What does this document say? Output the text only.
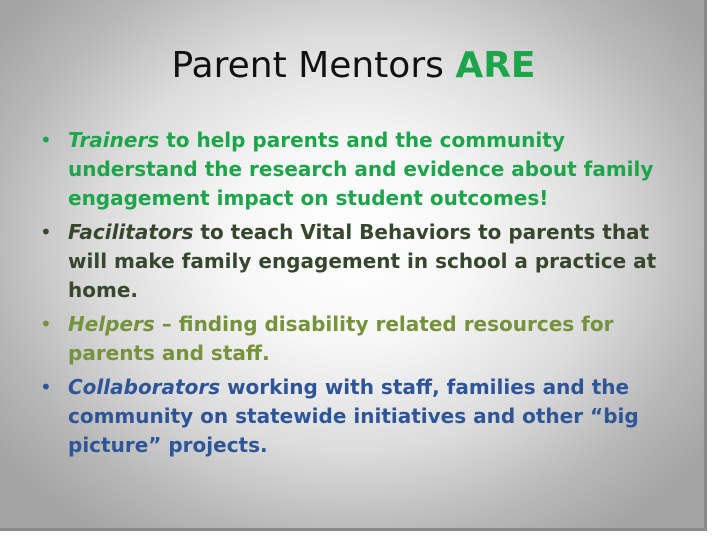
Parent Mentors ARE
• Trainers to help parents and the community understand the research and evidence about family engagement impact on student outcomes!
• Facilitators to teach Vital Behaviors to parents that will make family engagement in school a practice at home.
• Helpers – finding disability related resources for parents and staff.
• Collaborators working with staff, families and the community on statewide initiatives and other “big picture” projects.
